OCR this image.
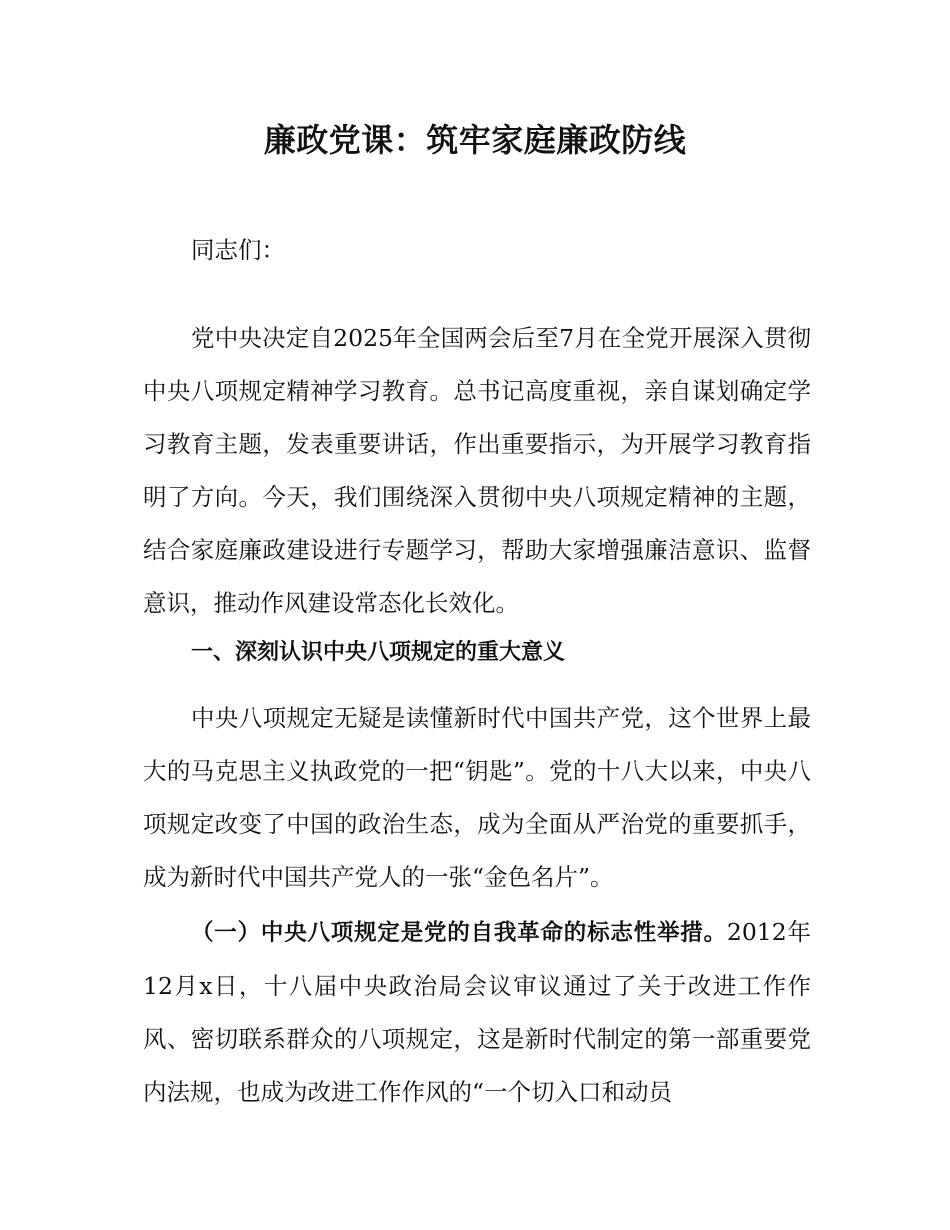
廉政党课：筑牢家庭廉政防线

同志们：

党中央决定自2025年全国两会后至7月在全党开展深入贯彻中央八项规定精神学习教育。总书记高度重视，亲自谋划确定学习教育主题，发表重要讲话，作出重要指示，为开展学习教育指明了方向。今天，我们围绕深入贯彻中央八项规定精神的主题，结合家庭廉政建设进行专题学习，帮助大家增强廉洁意识、监督意识，推动作风建设常态化长效化。

一、深刻认识中央八项规定的重大意义

中央八项规定无疑是读懂新时代中国共产党，这个世界上最大的马克思主义执政党的一把“钥匙”。党的十八大以来，中央八项规定改变了中国的政治生态，成为全面从严治党的重要抓手，成为新时代中国共产党人的一张“金色名片”。

（一）中央八项规定是党的自我革命的标志性举措。2012年12月x日，十八届中央政治局会议审议通过了关于改进工作作风、密切联系群众的八项规定，这是新时代制定的第一部重要党内法规，也成为改进工作作风的“一个切入口和动员
